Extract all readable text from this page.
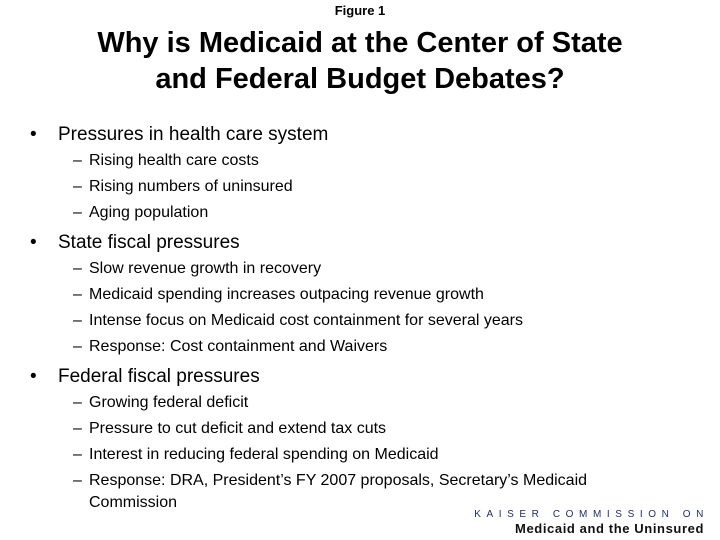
Figure 1
Why is Medicaid at the Center of State
and Federal Budget Debates?
• Pressures in health care system
– Rising health care costs
– Rising numbers of uninsured
– Aging population
• State fiscal pressures
– Slow revenue growth in recovery
– Medicaid spending increases outpacing revenue growth
– Intense focus on Medicaid cost containment for several years
– Response: Cost containment and Waivers
• Federal fiscal pressures
– Growing federal deficit
– Pressure to cut deficit and extend tax cuts
– Interest in reducing federal spending on Medicaid
– Response: DRA, President’s FY 2007 proposals, Secretary’s Medicaid
Commission
KAISER COMMISSION ON
Medicaid and the Uninsured
